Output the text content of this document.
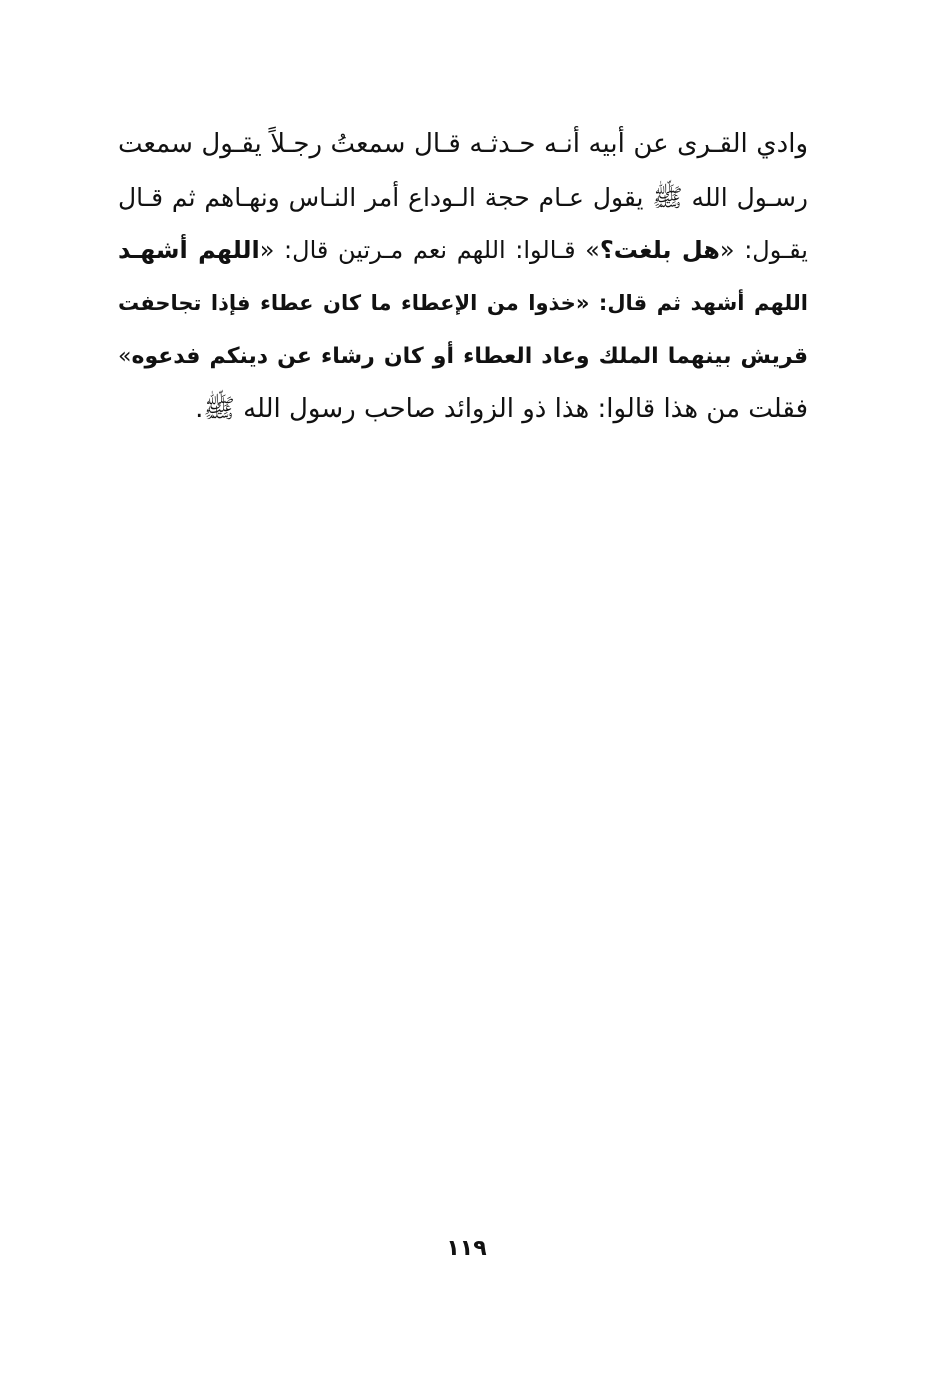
وادي القـرى عن أبيه أنـه حـدثـه قـال سمعتُ رجـلاً يقـول سمعت
رسـول الله ﷺ يقول عـام حجة الـوداع أمر النـاس ونهـاهم ثم قـال
يقـول: «هل بلغت؟» قـالوا: اللهم نعم مـرتين قال: «اللهم أشهـد
اللهم أشهد ثم قال: «خذوا من الإعطاء ما كان عطاء فإذا تجاحفت
قريش بينهما الملك وعاد العطاء أو كان رشاء عن دينكم فدعوه»
فقلت من هذا قالوا: هذا ذو الزوائد صاحب رسول الله ﷺ.
١١٩
